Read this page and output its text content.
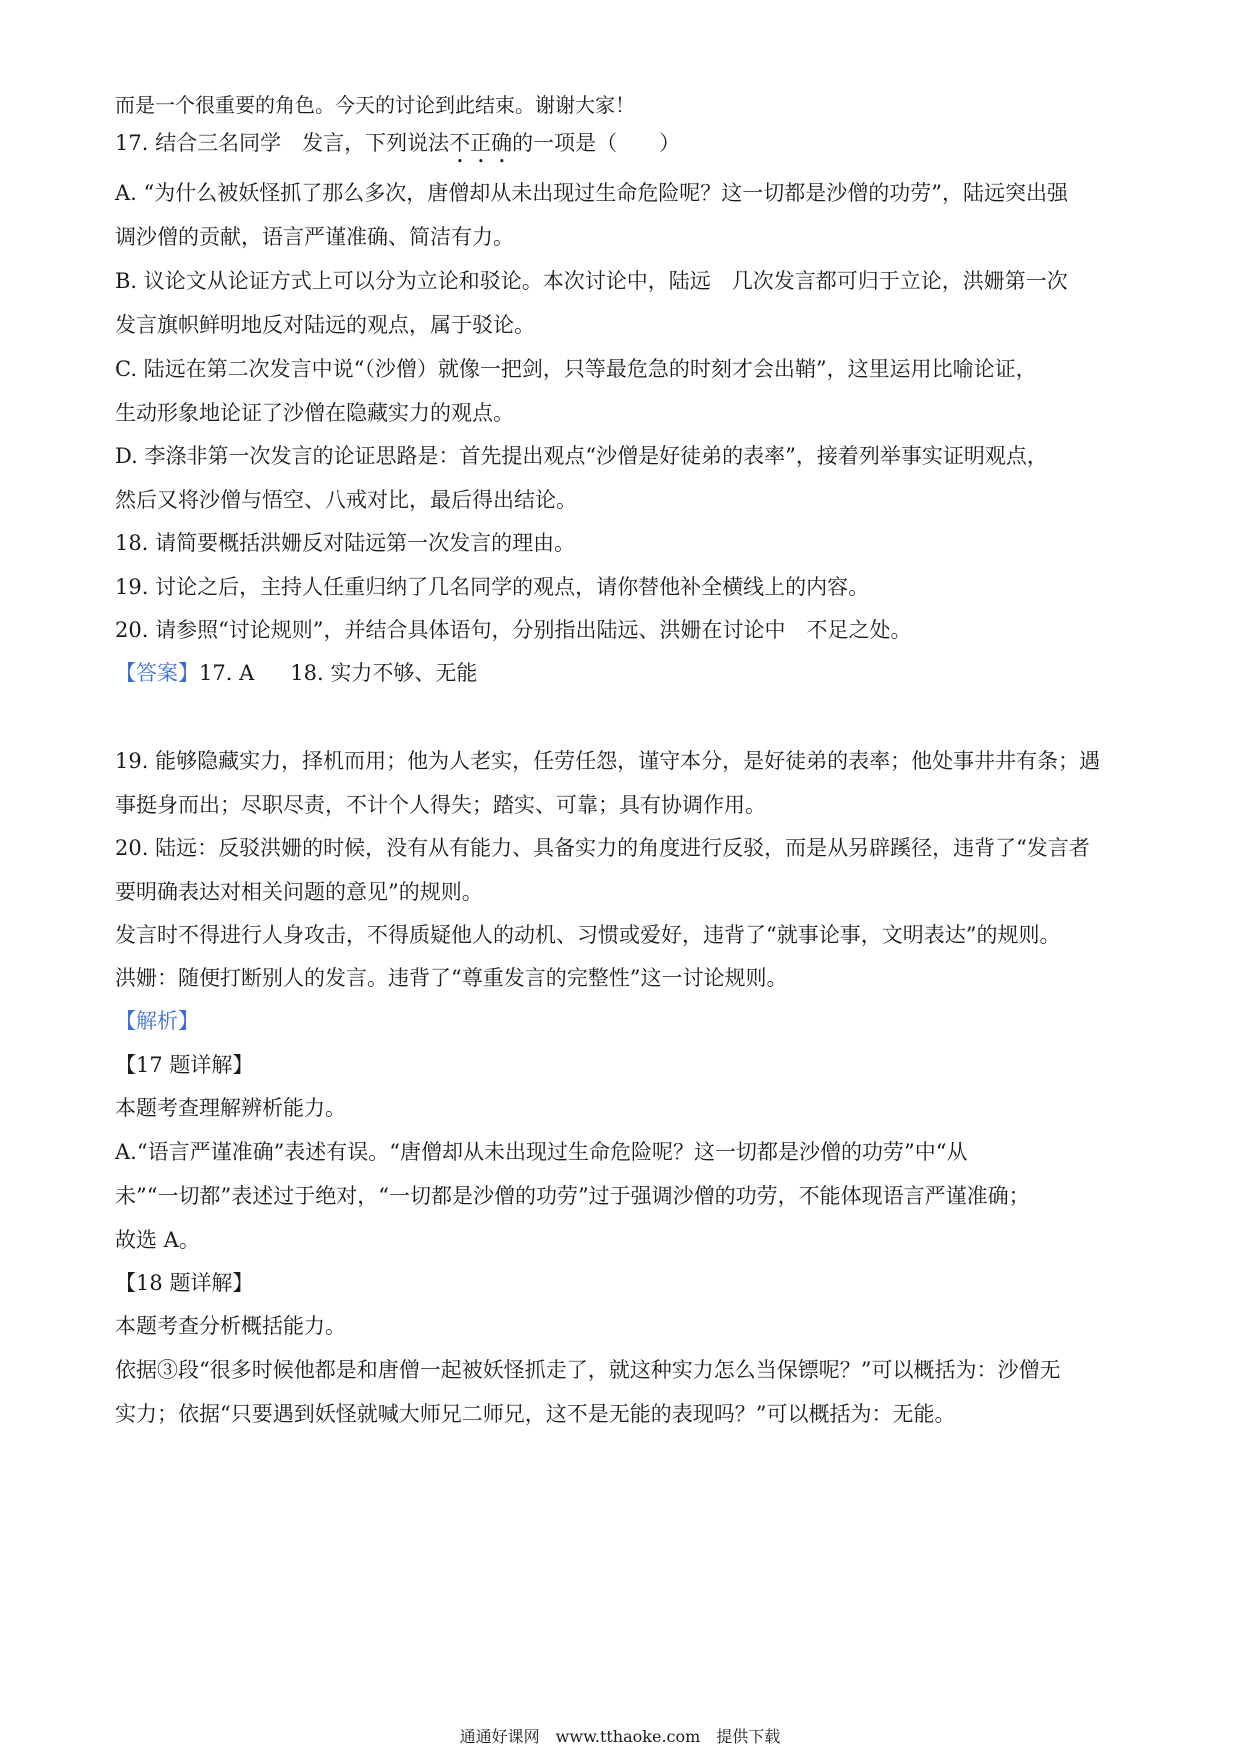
而是一个很重要的角色。今天的讨论到此结束。谢谢大家！
17. 结合三名同学　发言，下列说法不正确的一项是（　　）
A. “为什么被妖怪抓了那么多次，唐僧却从未出现过生命危险呢？这一切都是沙僧的功劳”，陆远突出强
调沙僧的贡献，语言严谨准确、简洁有力。
B. 议论文从论证方式上可以分为立论和驳论。本次讨论中，陆远　几次发言都可归于立论，洪姗第一次
发言旗帜鲜明地反对陆远的观点，属于驳论。
C. 陆远在第二次发言中说“（沙僧）就像一把剑，只等最危急的时刻才会出鞘”，这里运用比喻论证，
生动形象地论证了沙僧在隐藏实力的观点。
D. 李涤非第一次发言的论证思路是：首先提出观点“沙僧是好徒弟的表率”，接着列举事实证明观点，
然后又将沙僧与悟空、八戒对比，最后得出结论。
18. 请简要概括洪姗反对陆远第一次发言的理由。
19. 讨论之后，主持人任重归纳了几名同学的观点，请你替他补全横线上的内容。
20. 请参照“讨论规则”，并结合具体语句，分别指出陆远、洪姗在讨论中　不足之处。
【答案】17. A 18. 实力不够、无能
19. 能够隐藏实力，择机而用；他为人老实，任劳任怨，谨守本分，是好徒弟的表率；他处事井井有条；遇
事挺身而出；尽职尽责，不计个人得失；踏实、可靠；具有协调作用。
20. 陆远：反驳洪姗的时候，没有从有能力、具备实力的角度进行反驳，而是从另辟蹊径，违背了“发言者
要明确表达对相关问题的意见”的规则。
发言时不得进行人身攻击，不得质疑他人的动机、习惯或爱好，违背了“就事论事，文明表达”的规则。
洪姗：随便打断别人的发言。违背了“尊重发言的完整性”这一讨论规则。
【解析】
【17 题详解】
本题考查理解辨析能力。
A.“语言严谨准确”表述有误。“唐僧却从未出现过生命危险呢？这一切都是沙僧的功劳”中“从
未”“一切都”表述过于绝对，“一切都是沙僧的功劳”过于强调沙僧的功劳，不能体现语言严谨准确；
故选 A。
【18 题详解】
本题考查分析概括能力。
依据③段“很多时候他都是和唐僧一起被妖怪抓走了，就这种实力怎么当保镖呢？”可以概括为：沙僧无
实力；依据“只要遇到妖怪就喊大师兄二师兄，这不是无能的表现吗？”可以概括为：无能。
通通好课网　www.tthaoke.com　提供下载
